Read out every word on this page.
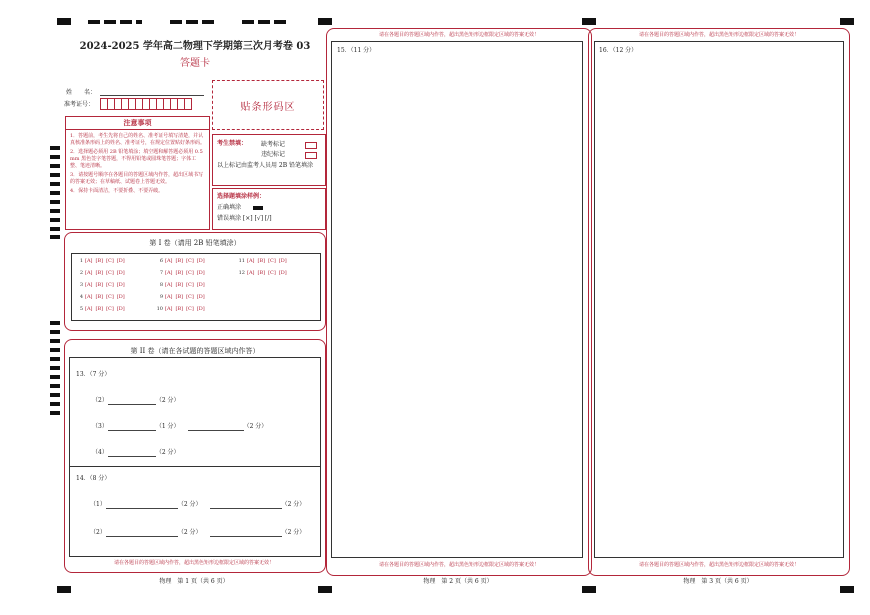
2024-2025 学年高二物理下学期第三次月考卷 03
答题卡
姓　　名：
准考证号：	贴条形码区
注意事项
1．答题前，考生先将自己的姓名、准考证号填写清楚，并认真核准条形码上的姓名、准考证号，在规定位置贴好条形码。
2．选择题必须用 2B 铅笔填涂；填空题和解答题必须用 0.5 mm 黑色签字笔答题，不得用铅笔或圆珠笔答题；字体工整、笔迹清晰。
3．请按题号顺序在各题目的答题区域内作答，超出区域书写的答案无效；在草稿纸、试题卷上答题无效。
4．保持卡面清洁，不要折叠、不要弄破。
考生禁填： 缺考标记
违纪标记
以上标记由监考人员用 2B 铅笔填涂
选择题填涂样例：
正确填涂
错误填涂 [×] [√] [/]
第 I 卷（请用 2B 铅笔填涂）
1 [A] [B] [C] [D]
2 [A] [B] [C] [D]
3 [A] [B] [C] [D]
4 [A] [B] [C] [D]
5 [A] [B] [C] [D]
6 [A] [B] [C] [D]
7 [A] [B] [C] [D]
8 [A] [B] [C] [D]
9 [A] [B] [C] [D]
10 [A] [B] [C] [D]
11 [A] [B] [C] [D]
12 [A] [B] [C] [D]
第 II 卷（请在各试题的答题区域内作答）
13．（7 分）
（2）	（2 分）
（3）	（1 分）	（2 分）
（4）	（2 分）
14．（8 分）
（1）	（2 分）	（2 分）
（2）	（2 分）	（2 分）
请在各题目的答题区域内作答，超出黑色矩形边框限定区域的答案无效！
请在各题目的答题区域内作答，超出黑色矩形边框限定区域的答案无效！
请在各题目的答题区域内作答，超出黑色矩形边框限定区域的答案无效！
15．（11 分）
请在各题目的答题区域内作答，超出黑色矩形边框限定区域的答案无效！
请在各题目的答题区域内作答，超出黑色矩形边框限定区域的答案无效！
16．（12 分）
物理　第 1 页（共 6 页）	物理　第 2 页（共 6 页）	物理　第 3 页（共 6 页）
